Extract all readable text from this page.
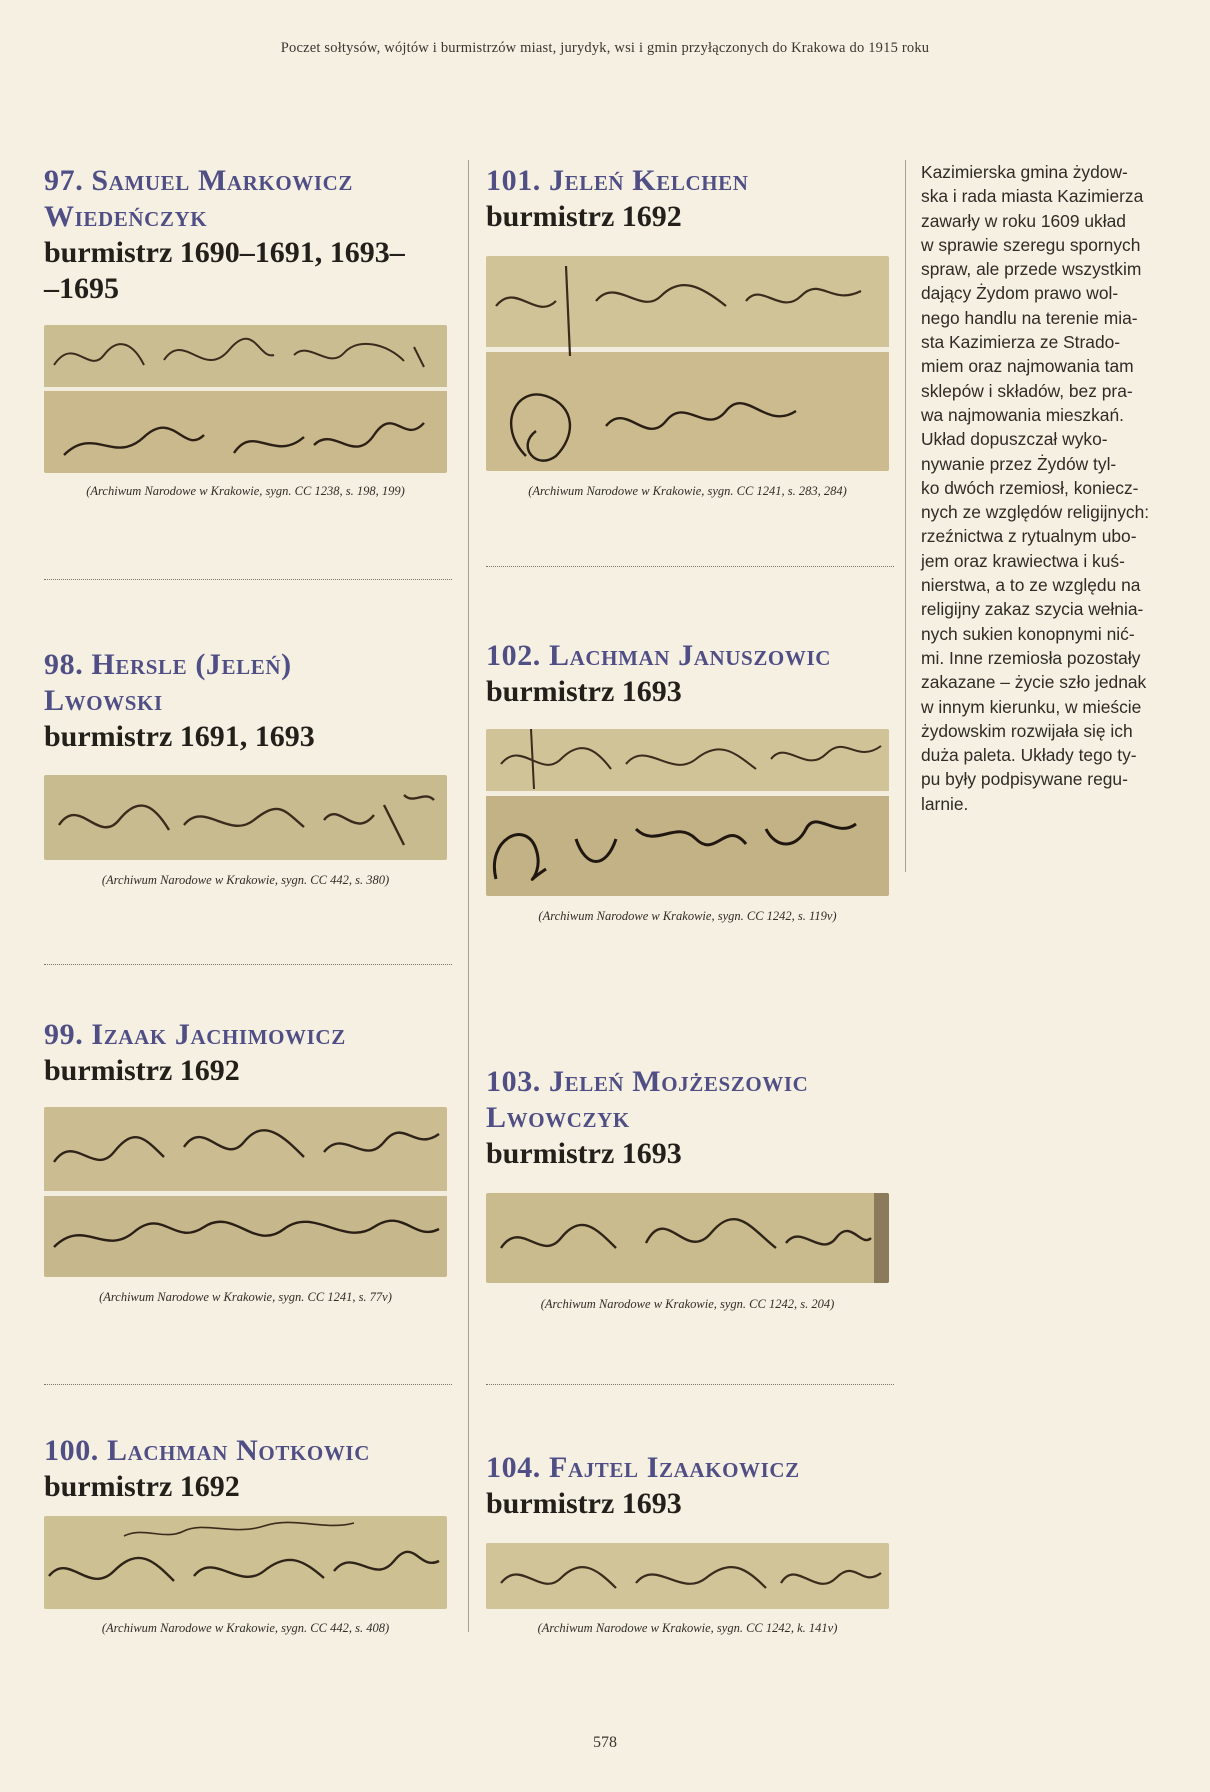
Poczet sołtysów, wójtów i burmistrzów miast, jurydyk, wsi i gmin przyłączonych do Krakowa do 1915 roku
97. Samuel Markowicz
Wiedeńczyk
burmistrz 1690–1691, 1693–
–1695
(Archiwum Narodowe w Krakowie, sygn. CC 1238, s. 198, 199)
98. Hersle (Jeleń)
Lwowski
burmistrz 1691, 1693
(Archiwum Narodowe w Krakowie, sygn. CC 442, s. 380)
99. Izaak Jachimowicz
burmistrz 1692
(Archiwum Narodowe w Krakowie, sygn. CC 1241, s. 77v)
100. Lachman Notkowic
burmistrz 1692
(Archiwum Narodowe w Krakowie, sygn. CC 442, s. 408)
101. Jeleń Kelchen
burmistrz 1692
(Archiwum Narodowe w Krakowie, sygn. CC 1241, s. 283, 284)
102. Lachman Januszowic
burmistrz 1693
(Archiwum Narodowe w Krakowie, sygn. CC 1242, s. 119v)
103. Jeleń Mojżeszowic
Lwowczyk
burmistrz 1693
(Archiwum Narodowe w Krakowie, sygn. CC 1242, s. 204)
104. Fajtel Izaakowicz
burmistrz 1693
(Archiwum Narodowe w Krakowie, sygn. CC 1242, k. 141v)

Kazimierska gmina żydow-

ska i rada miasta Kazimierza

zawarły w roku 1609 układ

w sprawie szeregu spornych

spraw, ale przede wszystkim

dający Żydom prawo wol-

nego handlu na terenie mia-

sta Kazimierza ze Strado-

miem oraz najmowania tam

sklepów i składów, bez pra-

wa najmowania mieszkań.

Układ dopuszczał wyko-

nywanie przez Żydów tyl-

ko dwóch rzemiosł, koniecz-

nych ze względów religijnych:

rzeźnictwa z rytualnym ubo-

jem oraz krawiectwa i kuś-

nierstwa, a to ze względu na

religijny zakaz szycia wełnia-

nych sukien konopnymi nić-

mi. Inne rzemiosła pozostały

zakazane – życie szło jednak

w innym kierunku, w mieście

żydowskim rozwijała się ich

duża paleta. Układy tego ty-

pu były podpisywane regu-

larnie.

578
